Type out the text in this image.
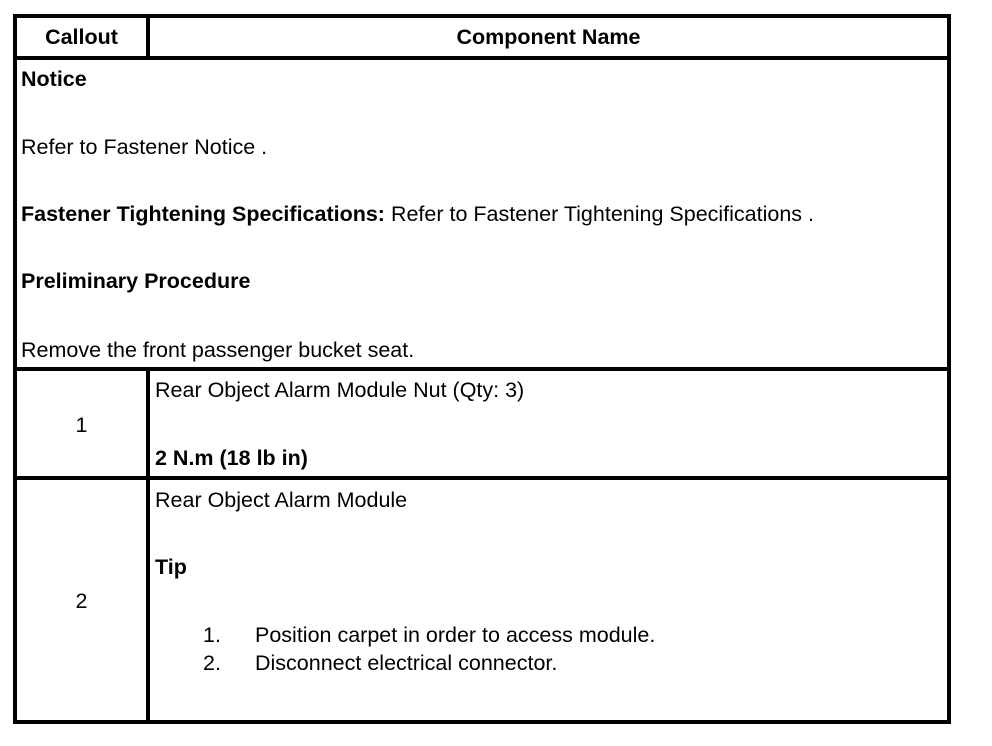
Callout	Component Name
Notice
Refer to Fastener Notice .
Fastener Tightening Specifications: Refer to Fastener Tightening Specifications .
Preliminary Procedure
Remove the front passenger bucket seat.
1
Rear Object Alarm Module Nut (Qty: 3)
2 N.m (18 lb in)
2
Rear Object Alarm Module
Tip
1. Position carpet in order to access module.
2. Disconnect electrical connector.
